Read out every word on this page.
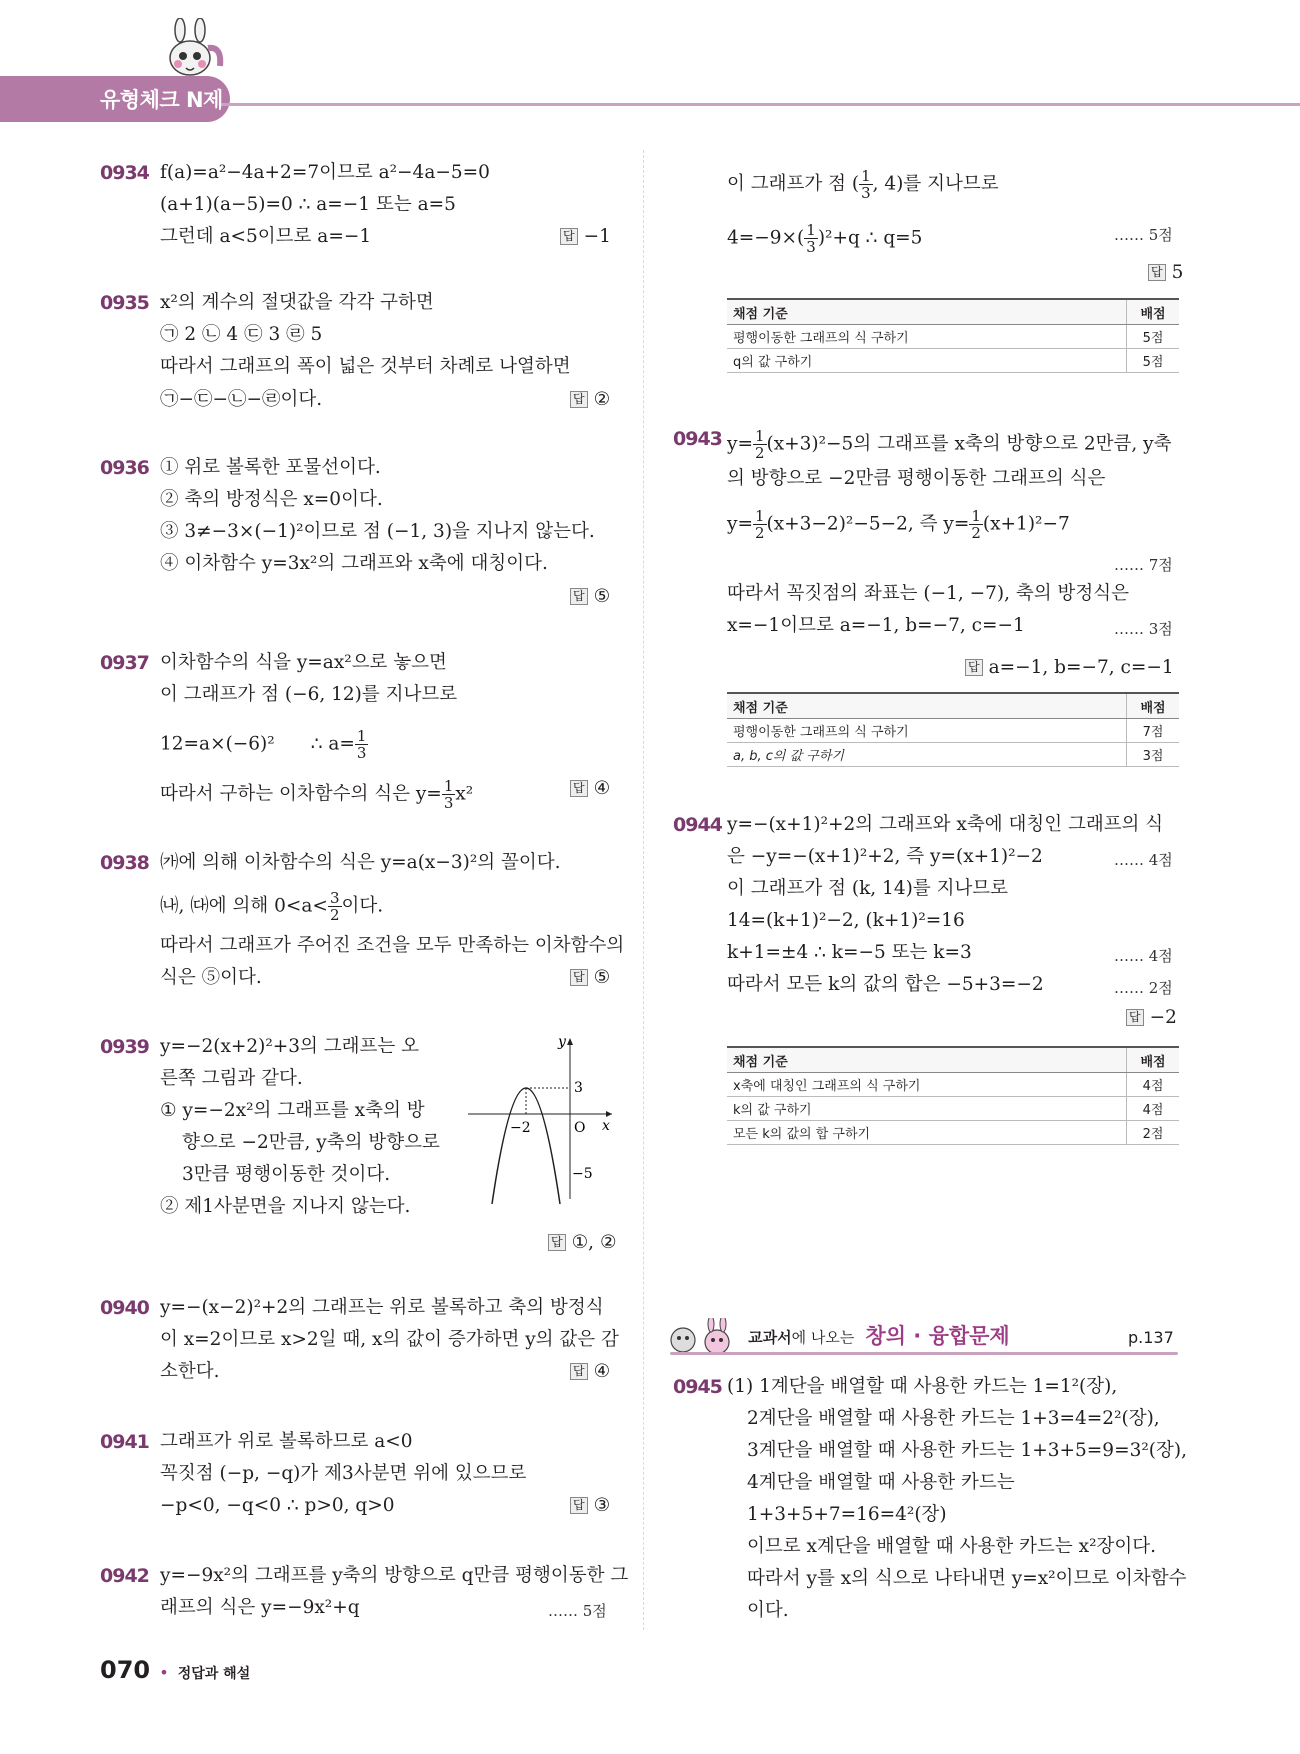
유형체크 N제
0934 f(a)=a²−4a+2=7이므로 a²−4a−5=0
(a+1)(a−5)=0 ∴ a=−1 또는 a=5
그런데 a<5이므로 a=−1	답 −1
0935 x²의 계수의 절댓값을 각각 구하면
㉠ 2 ㉡ 4 ㉢ 3 ㉣ 5
따라서 그래프의 폭이 넓은 것부터 차례로 나열하면
㉠−㉢−㉡−㉣이다.	답 ②
0936 ① 위로 볼록한 포물선이다.
② 축의 방정식은 x=0이다.
③ 3≠−3×(−1)²이므로 점 (−1, 3)을 지나지 않는다.
④ 이차함수 y=3x²의 그래프와 x축에 대칭이다.
답 ⑤
0937 이차함수의 식을 y=ax²으로 놓으면
이 그래프가 점 (−6, 12)를 지나므로
12=a×(−6)² ∴ $a= \frac{1}{3}$
따라서 구하는 이차함수의 식은 $y= \frac{1}{3} x^2$	답 ④
0938 ㈎에 의해 이차함수의 식은 y=a(x−3)²의 꼴이다.
㈏, ㈐에 의해 $0<a< \frac{3}{2}$ 이다.
따라서 그래프가 주어진 조건을 모두 만족하는 이차함수의
식은 ⑤이다.	답 ⑤
0939 y=−2(x+2)²+3의 그래프는 오
른쪽 그림과 같다.
① y=−2x²의 그래프를 x축의 방
향으로 −2만큼, y축의 방향으로
3만큼 평행이동한 것이다.
② 제1사분면을 지나지 않는다.
답 ①, ②
y
x
O
−2
3
−5
0940 y=−(x−2)²+2의 그래프는 위로 볼록하고 축의 방정식
이 x=2이므로 x>2일 때, x의 값이 증가하면 y의 값은 감
소한다.	답 ④
0941 그래프가 위로 볼록하므로 a<0
꼭짓점 (−p, −q)가 제3사분면 위에 있으므로
−p<0, −q<0 ∴ p>0, q>0	답 ③
0942 y=−9x²의 그래프를 y축의 방향으로 q만큼 평행이동한 그
래프의 식은 y=−9x²+q	…… 5점
이 그래프가 점 ( $\frac{1}{3}$ , 4)를 지나므로
$4=-9\times( \frac{1}{3} )^2+q$ ∴ q=5	…… 5점
답 5
채점 기준	배점
평행이동한 그래프의 식 구하기	5점
q의 값 구하기	5점
0943 $y= \frac{1}{2} (x+3)^2-5$의 그래프를 x축의 방향으로 2만큼, y축
의 방향으로 −2만큼 평행이동한 그래프의 식은
$y= \frac{1}{2} (x+3-2)^2-5-2$, 즉 $y= \frac{1}{2} (x+1)^2-7$
…… 7점
따라서 꼭짓점의 좌표는 (−1, −7), 축의 방정식은
x=−1이므로 a=−1, b=−7, c=−1	…… 3점
답 a=−1, b=−7, c=−1
채점 기준	배점
평행이동한 그래프의 식 구하기	7점
a, b, c의 값 구하기	3점
0944 y=−(x+1)²+2의 그래프와 x축에 대칭인 그래프의 식
은 −y=−(x+1)²+2, 즉 y=(x+1)²−2	…… 4점
이 그래프가 점 (k, 14)를 지나므로
14=(k+1)²−2, (k+1)²=16
k+1=±4 ∴ k=−5 또는 k=3	…… 4점
따라서 모든 k의 값의 합은 −5+3=−2	…… 2점
답 −2
채점 기준	배점
x축에 대칭인 그래프의 식 구하기	4점
k의 값 구하기	4점
모든 k의 값의 합 구하기	2점
교과서에 나오는 창의 · 융합문제	p.137
0945 (1) 1계단을 배열할 때 사용한 카드는 1=1²(장),
2계단을 배열할 때 사용한 카드는 1+3=4=2²(장),
3계단을 배열할 때 사용한 카드는 1+3+5=9=3²(장),
4계단을 배열할 때 사용한 카드는
1+3+5+7=16=4²(장)
이므로 x계단을 배열할 때 사용한 카드는 x²장이다.
따라서 y를 x의 식으로 나타내면 y=x²이므로 이차함수
이다.
070 • 정답과 해설
